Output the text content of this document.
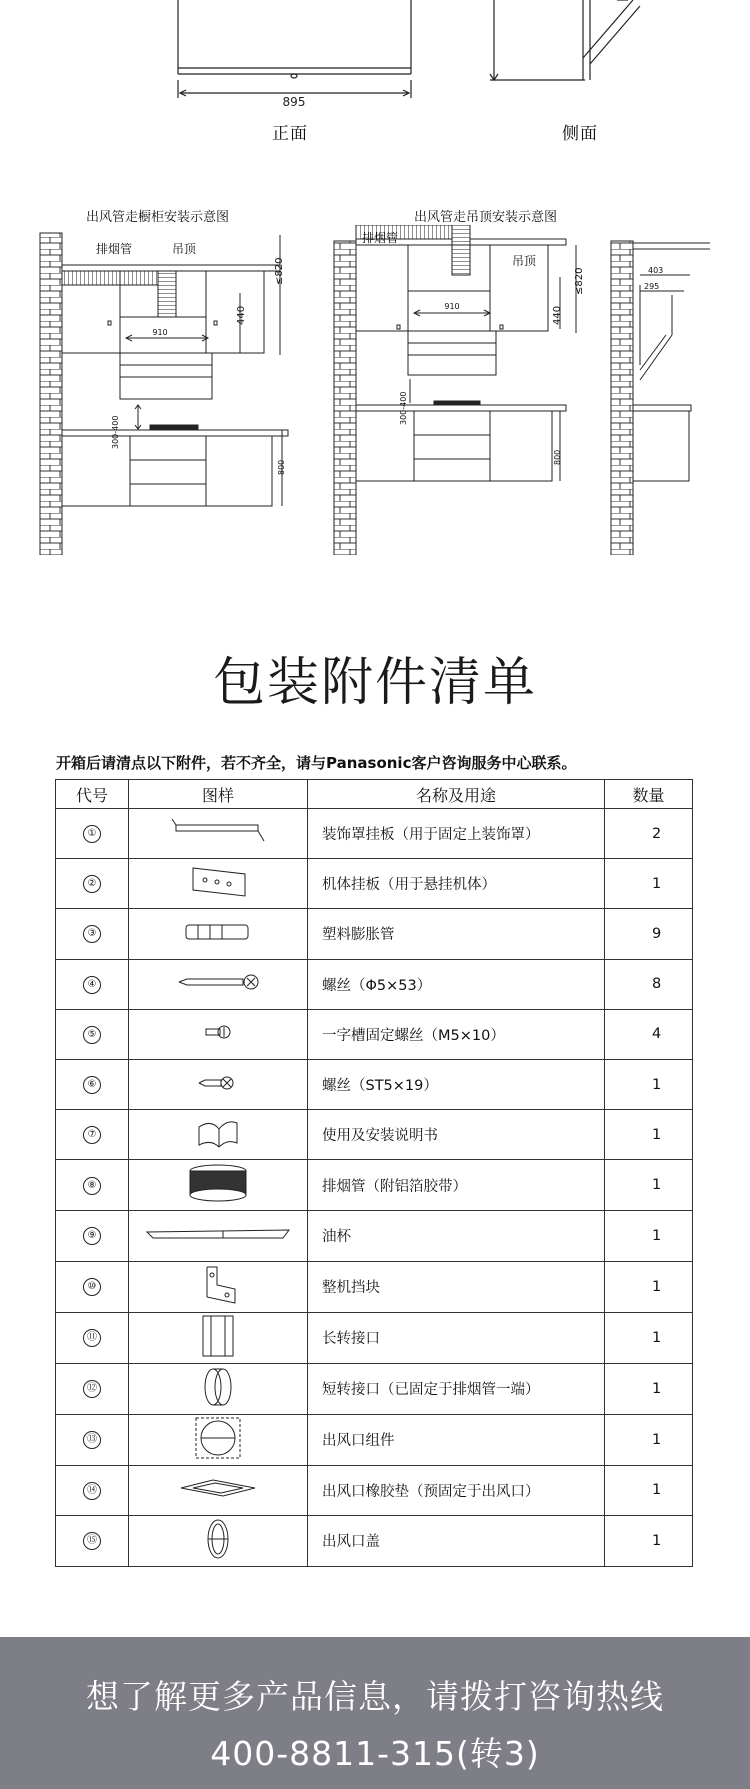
895
正面	侧面
出风管走橱柜安装示意图	出风管走吊顶安装示意图
排烟管	吊顶
≤820
440
910
300-400
800
排烟管
吊顶
≤820
440
910
300-400
800
403
295
包装附件清单
开箱后请清点以下附件，若不齐全，请与Panasonic客户咨询服务中心联系。
代号	图样	名称及用途	数量
①		装饰罩挂板（用于固定上装饰罩）	2
②		机体挂板（用于悬挂机体）	1
③		塑料膨胀管	9
④		螺丝（Φ5×53）	8
⑤		一字槽固定螺丝（M5×10）	4
⑥		螺丝（ST5×19）	1
⑦		使用及安装说明书	1
⑧		排烟管（附铝箔胶带）	1
⑨		油杯	1
⑩		整机挡块	1
⑪		长转接口	1
⑫		短转接口（已固定于排烟管一端）	1
⑬		出风口组件	1
⑭		出风口橡胶垫（预固定于出风口）	1
⑮		出风口盖	1
想了解更多产品信息，请拨打咨询热线
400-8811-315(转3)
